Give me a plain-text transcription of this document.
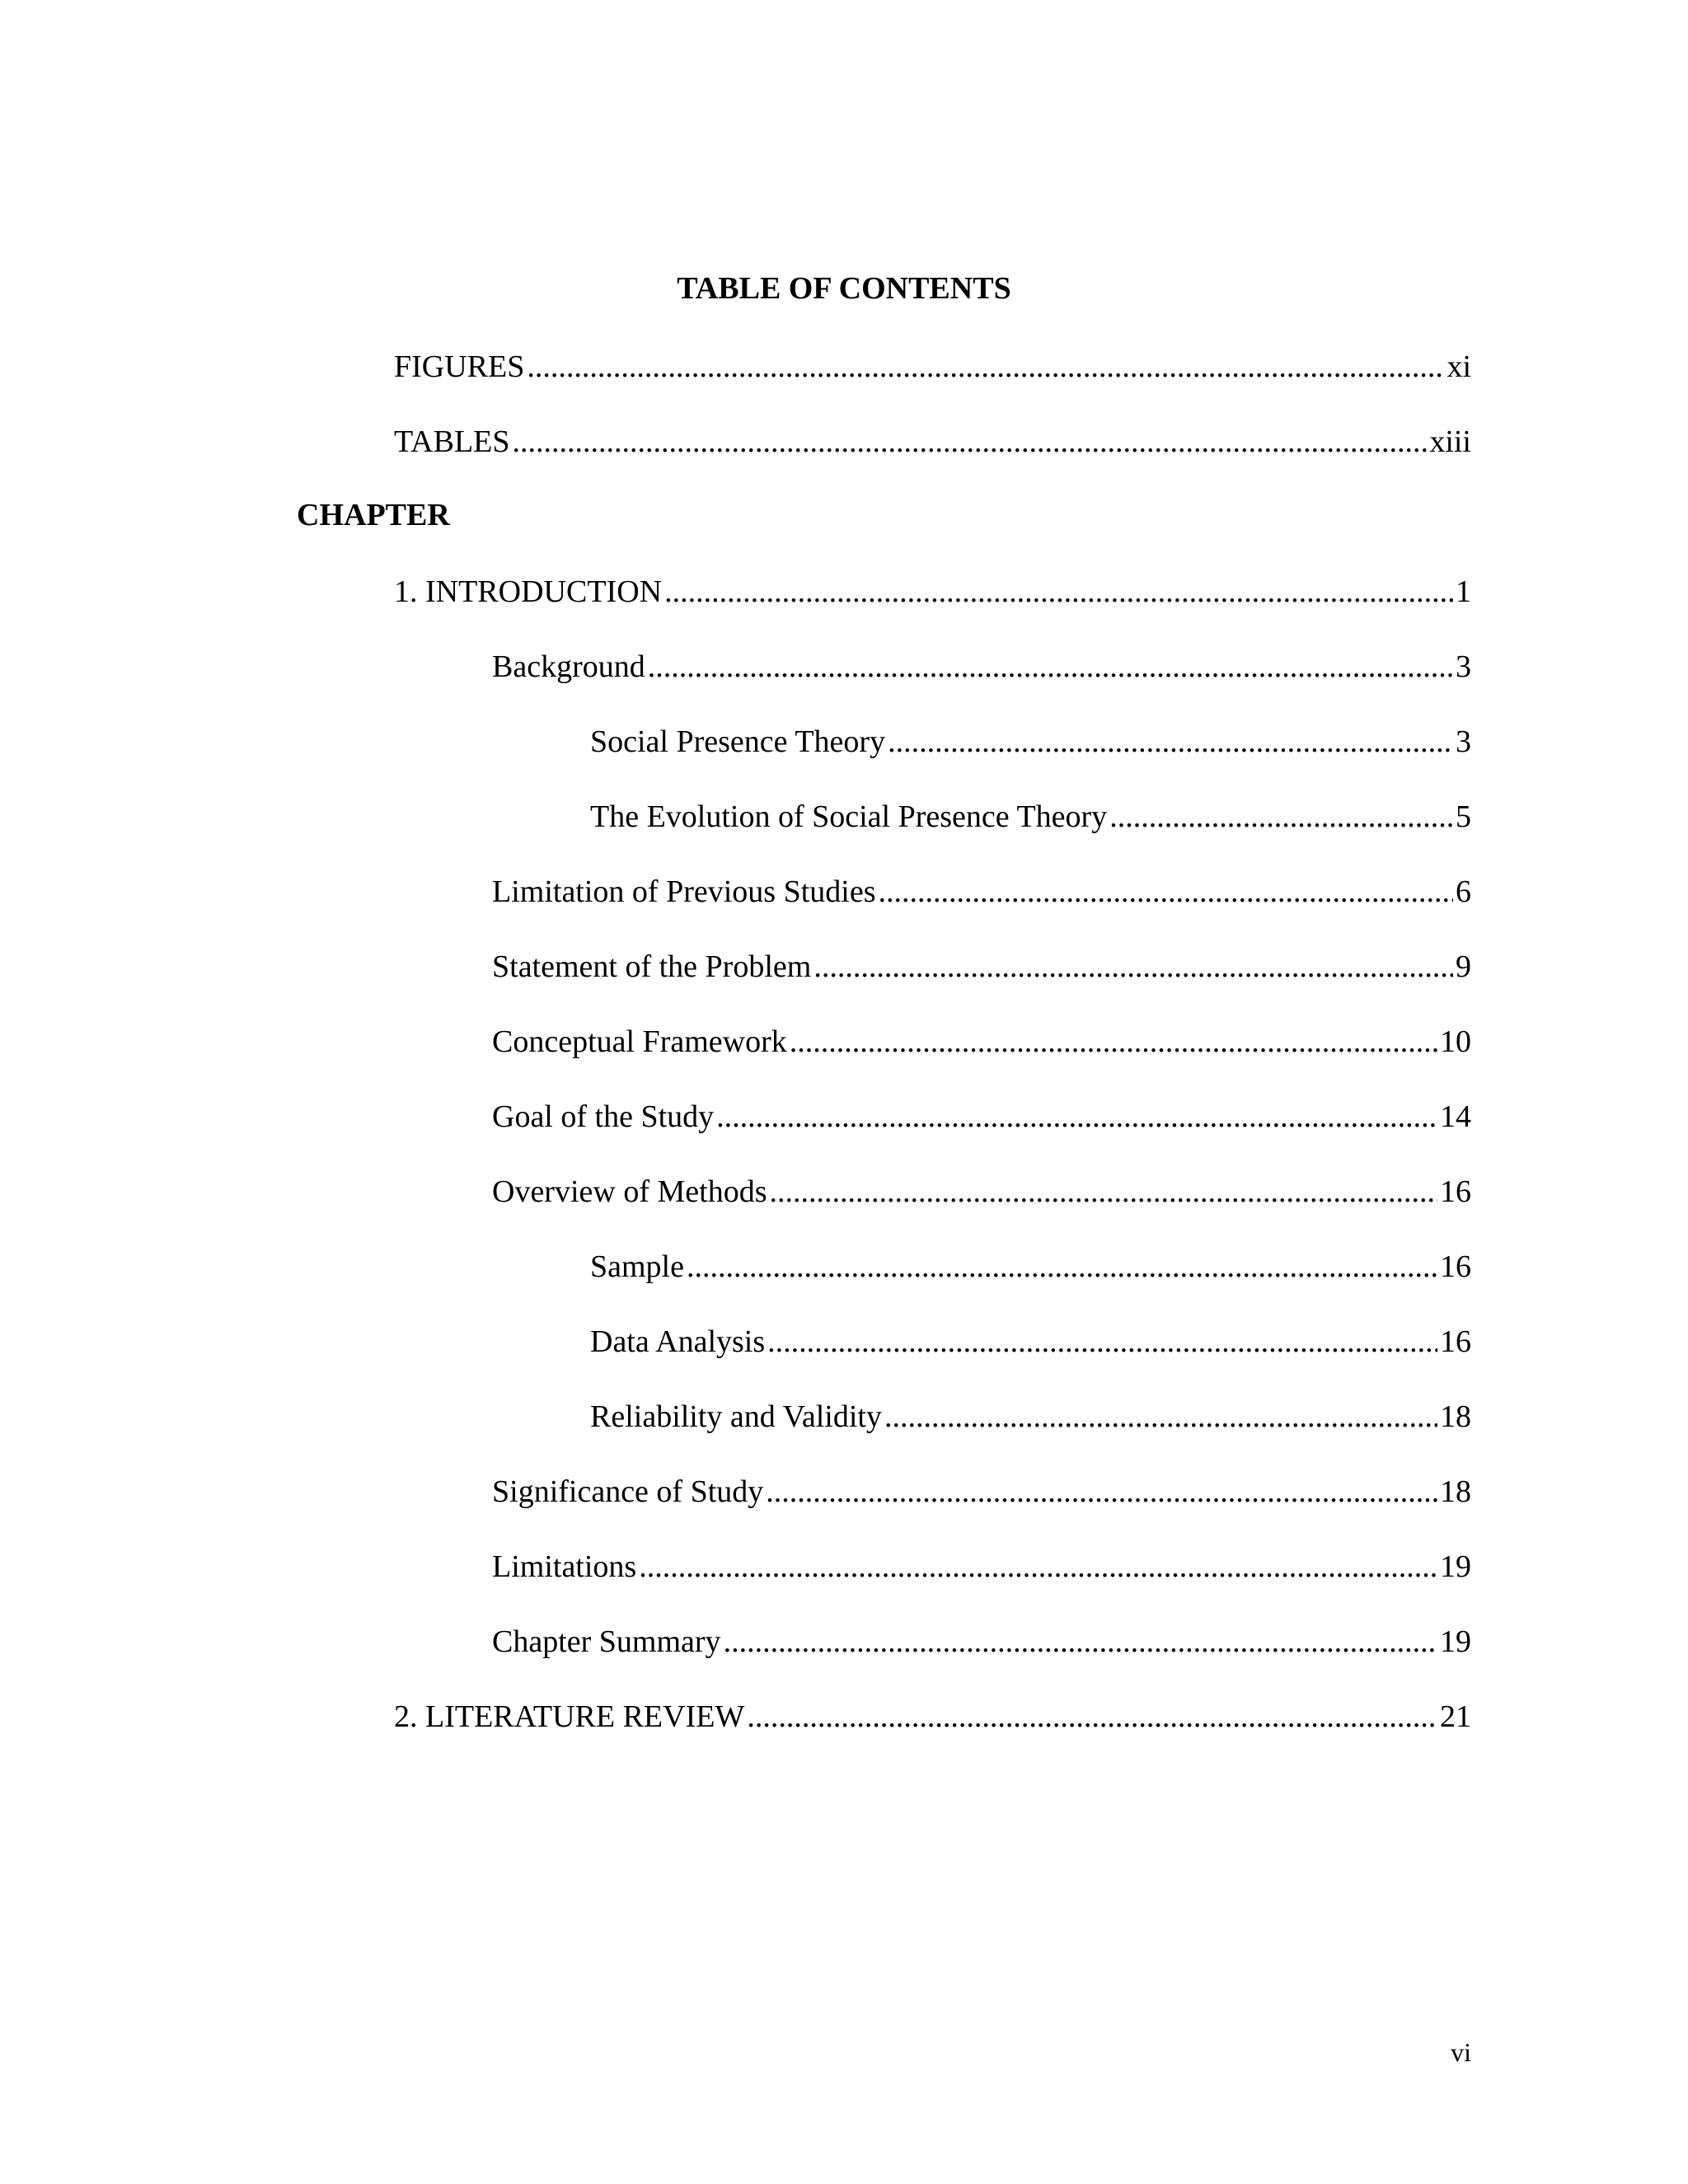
TABLE OF CONTENTS
FIGURES .....	xi
TABLES .....	xiii
CHAPTER
1. INTRODUCTION .....	1
Background .....	3
Social Presence Theory .....	3
The Evolution of Social Presence Theory .....	5
Limitation of Previous Studies .....	6
Statement of the Problem .....	9
Conceptual Framework .....	10
Goal of the Study .....	14
Overview of Methods .....	16
Sample .....	16
Data Analysis .....	16
Reliability and Validity .....	18
Significance of Study .....	18
Limitations .....	19
Chapter Summary .....	19
2. LITERATURE REVIEW .....	21
vi
